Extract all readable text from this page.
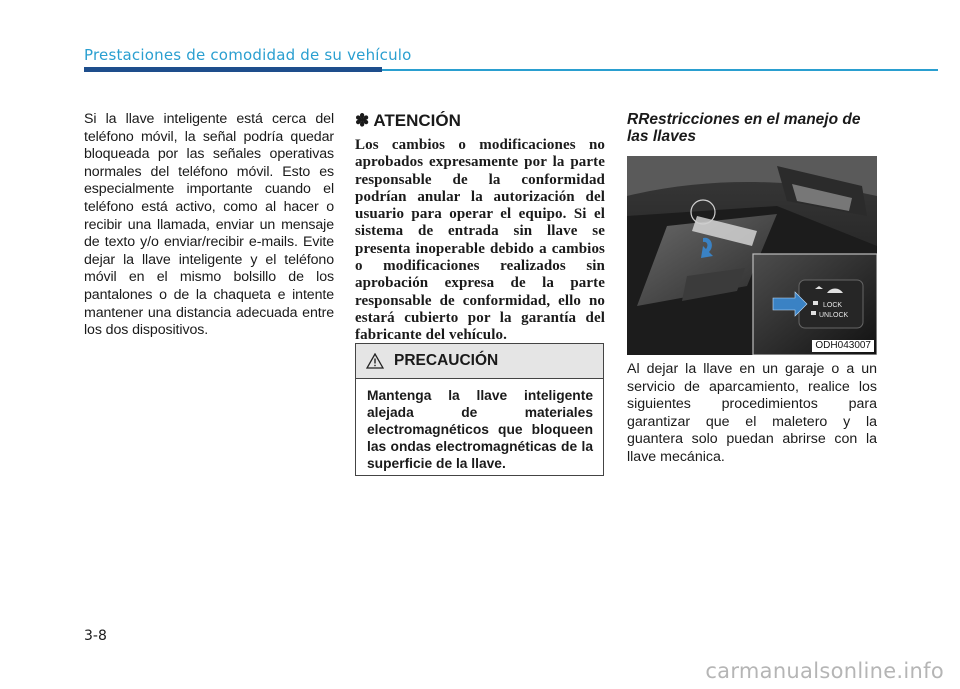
Prestaciones de comodidad de su vehículo
Si la llave inteligente está cerca del teléfono móvil, la señal podría quedar bloqueada por las señales operativas normales del teléfono móvil. Esto es especialmente importante cuando el teléfono está activo, como al hacer o recibir una llamada, enviar un mensaje de texto y/o enviar/recibir e-mails. Evite dejar la llave inteligente y el teléfono móvil en el mismo bolsillo de los pantalones o de la chaqueta e intente mantener una distancia adecuada entre los dos dispositivos.
✽ ATENCIÓN
Los cambios o modificaciones no aprobados expresamente por la parte responsable de la conformidad podrían anular la autorización del usuario para operar el equipo. Si el sistema de entrada sin llave se presenta inoperable debido a cambios o modificaciones realizados sin aprobación expresa de la parte responsable de conformidad, ello no estará cubierto por la garantía del fabricante del vehículo.
PRECAUCIÓN
Mantenga la llave inteligente alejada de materiales electromagnéticos que bloqueen las ondas electromagnéticas de la superficie de la llave.
RRestricciones en el manejo de las llaves
LOCK
UNLOCK
ODH043007
Al dejar la llave en un garaje o a un servicio de aparcamiento, realice los siguientes procedimientos para garantizar que el maletero y la guantera solo puedan abrirse con la llave mecánica.
3-8
carmanualsonline.info
